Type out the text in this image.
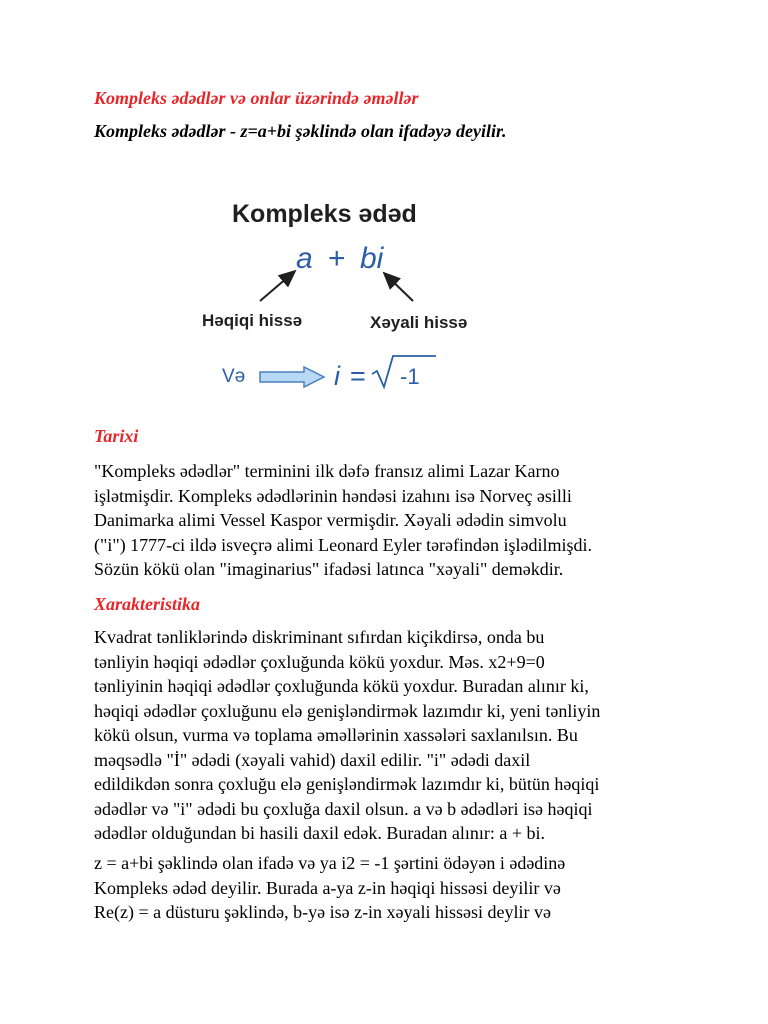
Kompleks ədədlər və onlar üzərində əməllər
Kompleks ədədlər - z=a+bi şəklində olan ifadəyə deyilir.
Kompleks ədəd
a + bi
Həqiqi hissə	Xəyali hissə
Və	i = -1
Tarixi
"Kompleks ədədlər" terminini ilk dəfə fransız alimi Lazar Karno
işlətmişdir. Kompleks ədədlərinin həndəsi izahını isə Norveç əsilli
Danimarka alimi Vessel Kaspor vermişdir. Xəyali ədədin simvolu
("i") 1777-ci ildə isveçrə alimi Leonard Eyler tərəfindən işlədilmişdi.
Sözün kökü olan "imaginarius" ifadəsi latınca "xəyali" deməkdir.
Xarakteristika
Kvadrat tənliklərində diskriminant sıfırdan kiçikdirsə, onda bu
tənliyin həqiqi ədədlər çoxluğunda kökü yoxdur. Məs. x2+9=0
tənliyinin həqiqi ədədlər çoxluğunda kökü yoxdur. Buradan alınır ki,
həqiqi ədədlər çoxluğunu elə genişləndirmək lazımdır ki, yeni tənliyin
kökü olsun, vurma və toplama əməllərinin xassələri saxlanılsın. Bu
məqsədlə "İ" ədədi (xəyali vahid) daxil edilir. "i" ədədi daxil
edildikdən sonra çoxluğu elə genişləndirmək lazımdır ki, bütün həqiqi
ədədlər və "i" ədədi bu çoxluğa daxil olsun. a və b ədədləri isə həqiqi
ədədlər olduğundan bi hasili daxil edək. Buradan alınır: a + bi.
z = a+bi şəklində olan ifadə və ya i2 = -1 şərtini ödəyən i ədədinə
Kompleks ədəd deyilir. Burada a-ya z-in həqiqi hissəsi deyilir və
Re(z) = a düsturu şəklində, b-yə isə z-in xəyali hissəsi deylir və
